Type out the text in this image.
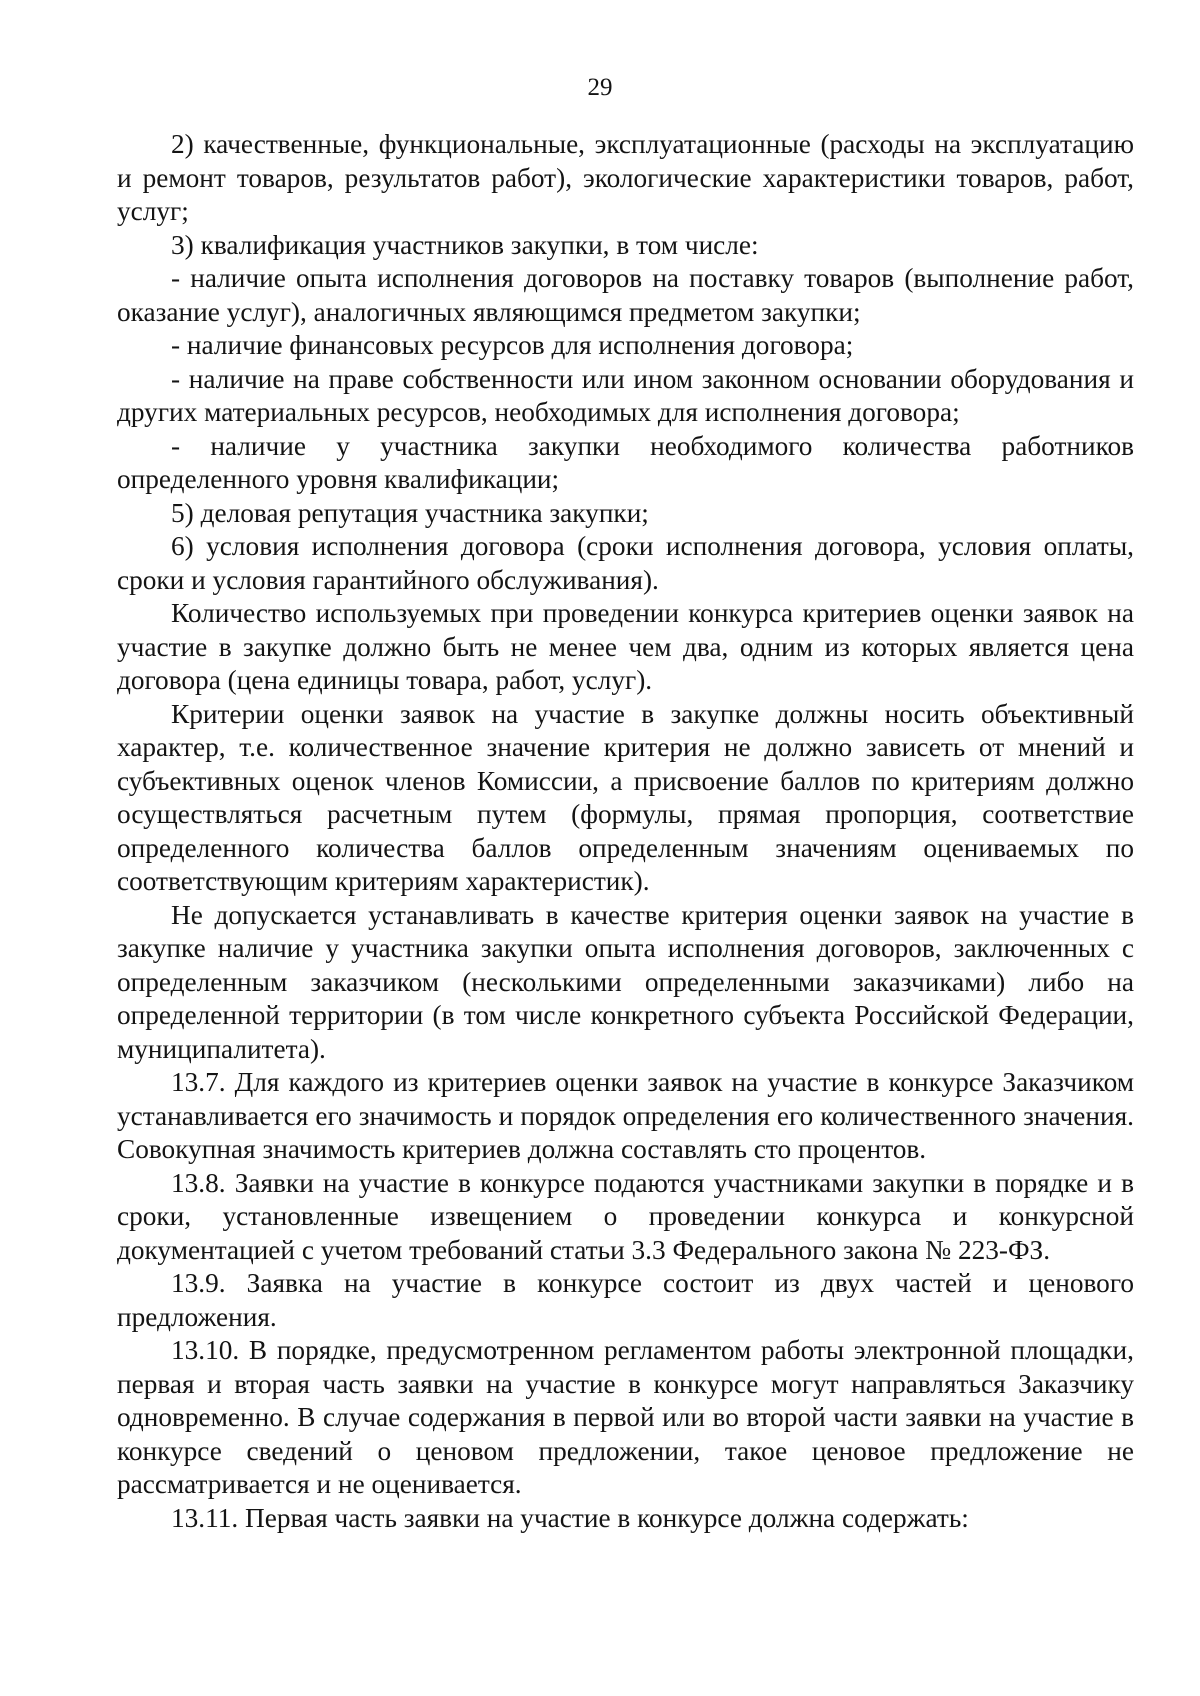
29

2) качественные, функциональные, эксплуатационные (расходы на эксплуатацию и ремонт товаров, результатов работ), экологические характеристики товаров, работ, услуг;

3) квалификация участников закупки, в том числе:

- наличие опыта исполнения договоров на поставку товаров (выполнение работ, оказание услуг), аналогичных являющимся предметом закупки;

- наличие финансовых ресурсов для исполнения договора;

- наличие на праве собственности или ином законном основании оборудования и других материальных ресурсов, необходимых для исполнения договора;

- наличие у участника закупки необходимого количества работников определенного уровня квалификации;

5) деловая репутация участника закупки;

6) условия исполнения договора (сроки исполнения договора, условия оплаты, сроки и условия гарантийного обслуживания).

Количество используемых при проведении конкурса критериев оценки заявок на участие в закупке должно быть не менее чем два, одним из которых является цена договора (цена единицы товара, работ, услуг).

Критерии оценки заявок на участие в закупке должны носить объективный характер, т.е. количественное значение критерия не должно зависеть от мнений и субъективных оценок членов Комиссии, а присвоение баллов по критериям должно осуществляться расчетным путем (формулы, прямая пропорция, соответствие определенного количества баллов определенным значениям оцениваемых по соответствующим критериям характеристик).

Не допускается устанавливать в качестве критерия оценки заявок на участие в закупке наличие у участника закупки опыта исполнения договоров, заключенных с определенным заказчиком (несколькими определенными заказчиками) либо на определенной территории (в том числе конкретного субъекта Российской Федерации, муниципалитета).

13.7. Для каждого из критериев оценки заявок на участие в конкурсе Заказчиком устанавливается его значимость и порядок определения его количественного значения. Совокупная значимость критериев должна составлять сто процентов.

13.8. Заявки на участие в конкурсе подаются участниками закупки в порядке и в сроки, установленные извещением о проведении конкурса и конкурсной документацией с учетом требований статьи 3.3 Федерального закона № 223-ФЗ.

13.9. Заявка на участие в конкурсе состоит из двух частей и ценового предложения.

13.10. В порядке, предусмотренном регламентом работы электронной площадки, первая и вторая часть заявки на участие в конкурсе могут направляться Заказчику одновременно. В случае содержания в первой или во второй части заявки на участие в конкурсе сведений о ценовом предложении, такое ценовое предложение не рассматривается и не оценивается.

13.11. Первая часть заявки на участие в конкурсе должна содержать:
